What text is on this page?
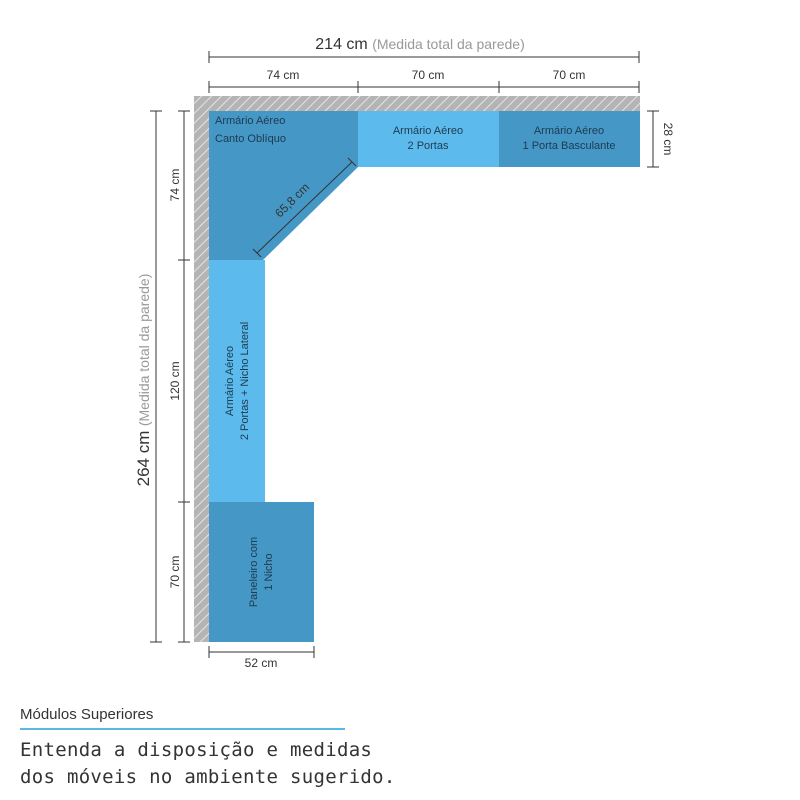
Armário Aéreo
Canto Oblíquo
Armário Aéreo
2 Portas
Armário Aéreo
1 Porta Basculante
Armário Aéreo 2 Portas + Nicho Lateral
Paneleiro com 1 Nicho
65,8 cm
214 cm (Medida total da parede)
74 cm	70 cm	70 cm
28 cm
264 cm (Medida total da parede)
74 cm
120 cm
70 cm
52 cm
Módulos Superiores
Entenda a disposição e medidas
dos móveis no ambiente sugerido.
